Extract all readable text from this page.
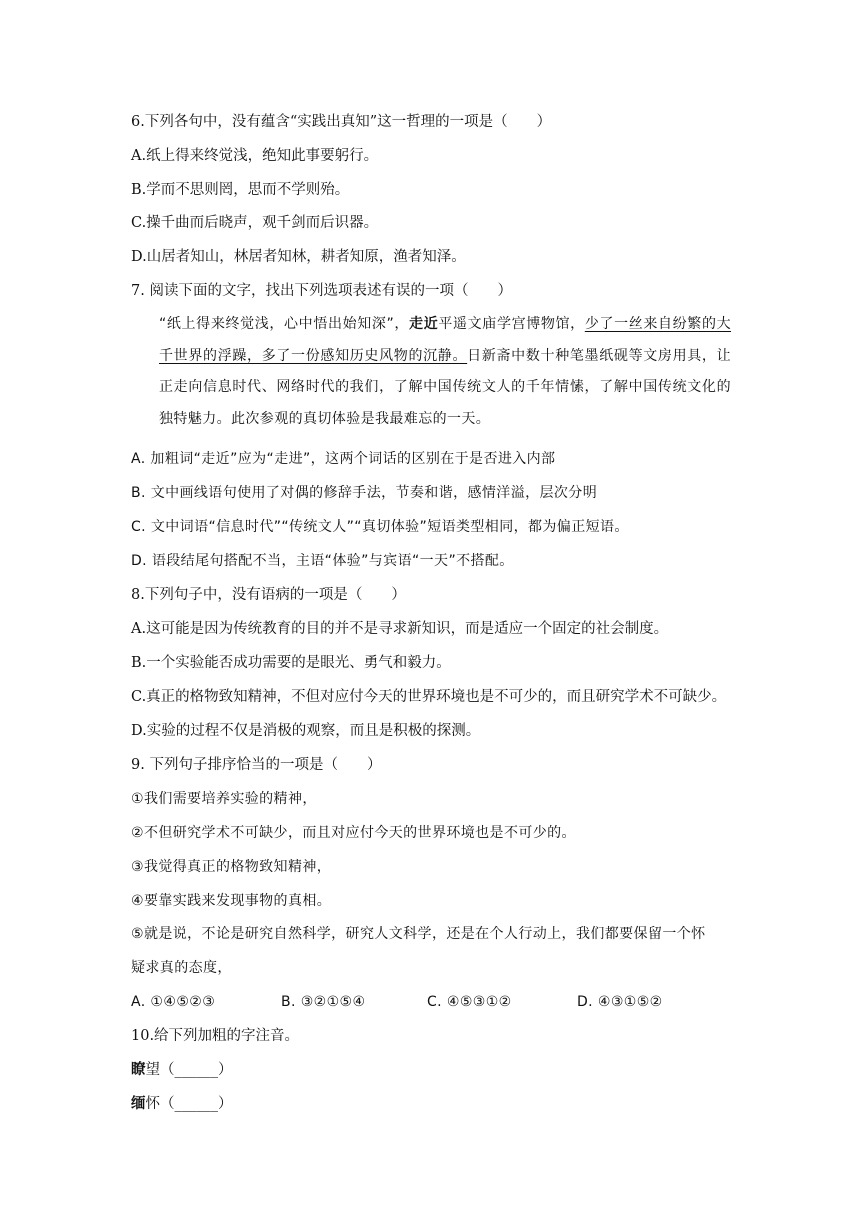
6.下列各句中，没有蕴含“实践出真知”这一哲理的一项是（　　）
A.纸上得来终觉浅，绝知此事要躬行。
B.学而不思则罔，思而不学则殆。
C.操千曲而后晓声，观千剑而后识器。
D.山居者知山，林居者知林，耕者知原，渔者知泽。
7. 阅读下面的文字，找出下列选项表述有误的一项（　　）

“纸上得来终觉浅，心中悟出始知深”，走近平遥文庙学宫博物馆，少了一丝来自纷繁的大千世界的浮躁，多了一份感知历史风物的沉静。日新斋中数十种笔墨纸砚等文房用具，让正走向信息时代、网络时代的我们，了解中国传统文人的千年情愫，了解中国传统文化的独特魅力。此次参观的真切体验是我最难忘的一天。

A. 加粗词“走近”应为“走进”，这两个词话的区别在于是否进入内部
B. 文中画线语句使用了对偶的修辞手法，节奏和谐，感情洋溢，层次分明
C. 文中词语“信息时代”“传统文人”“真切体验”短语类型相同，都为偏正短语。
D. 语段结尾句搭配不当，主语“体验”与宾语“一天”不搭配。
8.下列句子中，没有语病的一项是（　　）
A.这可能是因为传统教育的目的并不是寻求新知识，而是适应一个固定的社会制度。
B.一个实验能否成功需要的是眼光、勇气和毅力。
C.真正的格物致知精神，不但对应付今天的世界环境也是不可少的，而且研究学术不可缺少。
D.实验的过程不仅是消极的观察，而且是积极的探测。
9. 下列句子排序恰当的一项是（　　）
①我们需要培养实验的精神，
②不但研究学术不可缺少，而且对应付今天的世界环境也是不可少的。
③我觉得真正的格物致知精神，
④要靠实践来发现事物的真相。
⑤就是说，不论是研究自然科学，研究人文科学，还是在个人行动上，我们都要保留一个怀
疑求真的态度，
A. ①④⑤②③	B. ③②①⑤④	C. ④⑤③①②	D. ④③①⑤②
10.给下列加粗的字注音。
瞭望（______）
缅怀（______）
